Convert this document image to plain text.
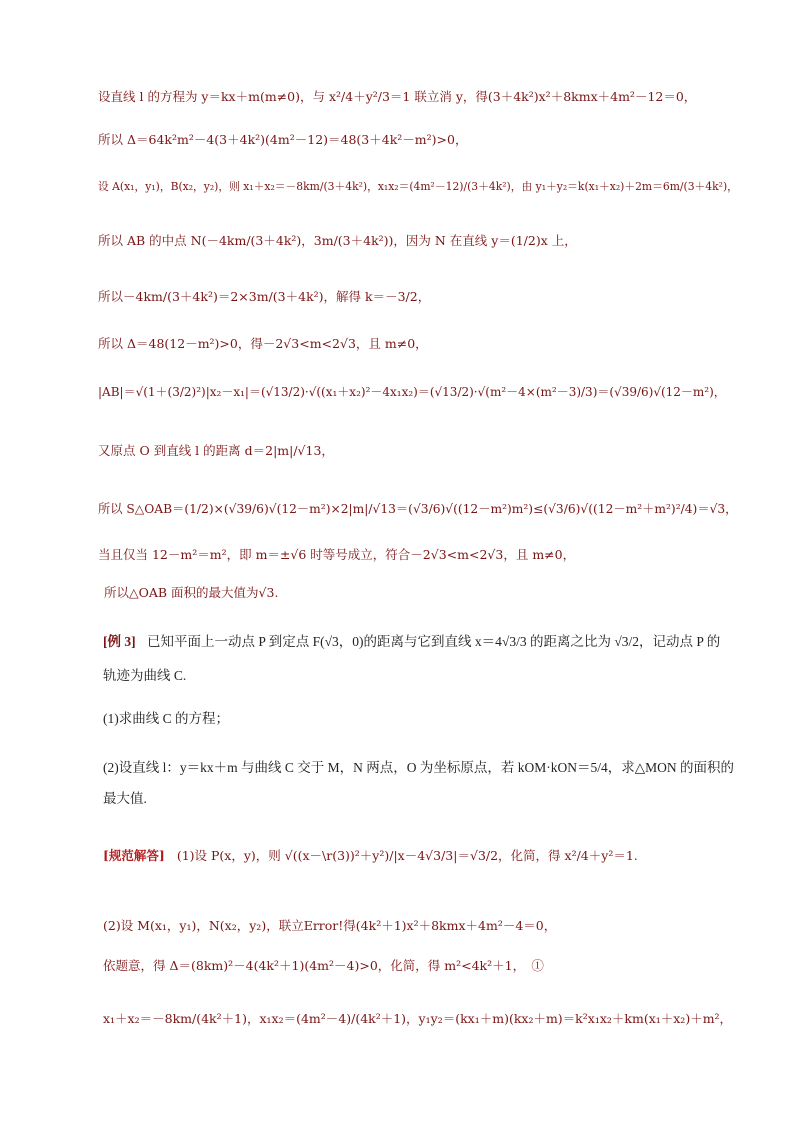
设直线 l 的方程为 y＝kx＋m(m≠0)，与 x²/4＋y²/3＝1 联立消 y，得(3＋4k²)x²＋8kmx＋4m²－12＝0，
所以 Δ＝64k²m²－4(3＋4k²)(4m²－12)＝48(3＋4k²－m²)>0，
设 A(x₁，y₁)，B(x₂，y₂)，则 x₁＋x₂＝－8km/(3＋4k²)，x₁x₂＝(4m²－12)/(3＋4k²)，由 y₁＋y₂＝k(x₁＋x₂)＋2m＝6m/(3＋4k²)，
所以 AB 的中点 N(－4km/(3＋4k²)，3m/(3＋4k²))，因为 N 在直线 y＝(1/2)x 上，
所以－4km/(3＋4k²)＝2×3m/(3＋4k²)，解得 k＝－3/2，
所以 Δ＝48(12－m²)>0，得－2√3<m<2√3，且 m≠0，
|AB|＝√(1＋(3/2)²)|x₂－x₁|＝(√13/2)·√((x₁＋x₂)²－4x₁x₂)＝(√13/2)·√(m²－4×(m²－3)/3)＝(√39/6)√(12－m²)，
又原点 O 到直线 l 的距离 d＝2|m|/√13，
所以 S△OAB＝(1/2)×(√39/6)√(12－m²)×2|m|/√13＝(√3/6)√((12－m²)m²)≤(√3/6)√((12－m²＋m²)²/4)＝√3，
当且仅当 12－m²＝m²，即 m＝±√6 时等号成立，符合－2√3<m<2√3，且 m≠0，
所以△OAB 面积的最大值为√3.
[例 3] 已知平面上一动点 P 到定点 F(√3，0)的距离与它到直线 x＝4√3/3 的距离之比为 √3/2，记动点 P 的
轨迹为曲线 C.
(1)求曲线 C 的方程；
(2)设直线 l：y＝kx＋m 与曲线 C 交于 M，N 两点，O 为坐标原点，若 kOM·kON＝5/4，求△MON 的面积的
最大值.
[规范解答] (1)设 P(x，y)，则 √((x－\r(3))²＋y²)/|x－4√3/3|＝√3/2，化简，得 x²/4＋y²＝1.
(2)设 M(x₁，y₁)，N(x₂，y₂)，联立Error!得(4k²＋1)x²＋8kmx＋4m²－4＝0，
依题意，得 Δ＝(8km)²－4(4k²＋1)(4m²－4)>0，化简，得 m²<4k²＋1，　①
x₁＋x₂＝－8km/(4k²＋1)，x₁x₂＝(4m²－4)/(4k²＋1)，y₁y₂＝(kx₁＋m)(kx₂＋m)＝k²x₁x₂＋km(x₁＋x₂)＋m²，
